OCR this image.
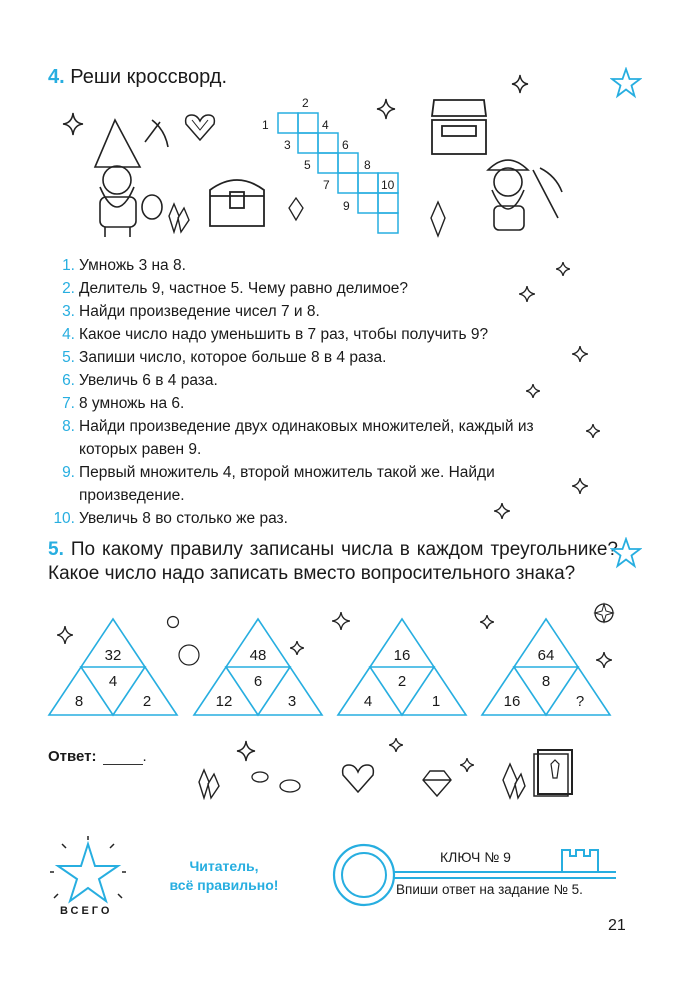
4. Реши кроссворд.
2
1	4
3	6
5	8
7	10
9
1. Умножь 3 на 8.
2. Делитель 9, частное 5. Чему равно делимое?
3. Найди произведение чисел 7 и 8.
4. Какое число надо уменьшить в 7 раз, чтобы получить 9?
5. Запиши число, которое больше 8 в 4 раза.
6. Увеличь 6 в 4 раза.
7. 8 умножь на 6.
8. Найди произведение двух одинаковых множителей, каждый из которых равен 9.
9. Первый множитель 4, второй множитель такой же. Найди произведение.
10. Увеличь 8 во столько же раз.
5. По какому правилу записаны числа в каждом треугольнике? Какое число надо записать вместо вопросительного знака?
32
4
8	2
48
6
12	3
16
2
4	1
64
8
16	?
Ответ:	.
ВСЕГО
Читатель,
всё правильно!
КЛЮЧ № 9
Впиши ответ на задание № 5.
21
